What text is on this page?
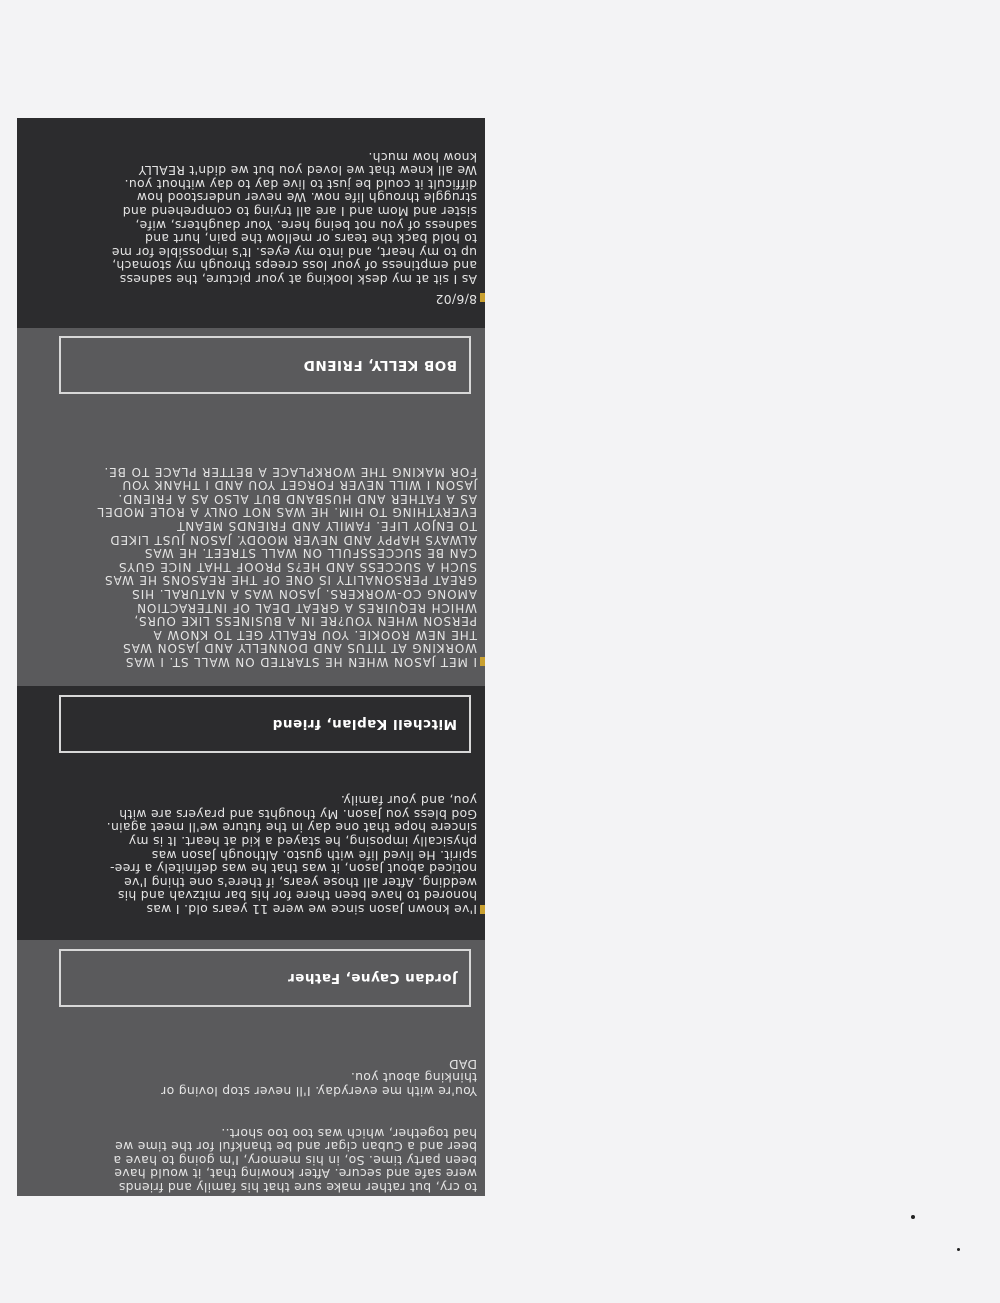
to cry, but rather make sure that his family and friends
were safe and secure. After knowing that, it would have
been party time. So, in his memory, I'm going to have a
beer and a Cuban cigar and be thankful for the time we
had together, which was too too short..
You're with me everyday. I'll never stop loving or
thinking about you.
DAD
Jordan Cayne, Father
I've known Jason since we were 11 years old. I was
honored to have been there for his bar mitzvah and his
wedding. After all those years, if there's one thing I've
noticed about Jason, it was that he was definitely a free-
spirit. He lived life with gusto. Although Jason was
physically imposing, he stayed a kid at heart. It is my
sincere hope that one day in the future we'll meet again.
God bless you Jason. My thoughts and prayers are with
you, and your family.
Mitchell Kaplan, friend
I MET JASON WHEN HE STARTED ON WALL ST. I WAS
WORKING AT TITUS AND DONNELLY AND JASON WAS
THE NEW ROOKIE. YOU REALLY GET TO KNOW A
PERSON WHEN YOU?RE IN A BUSINESS LIKE OURS,
WHICH REQUIRES A GREAT DEAL OF INTERACTION
AMONG CO-WORKERS. JASON WAS A NATURAL. HIS
GREAT PERSONALITY IS ONE OF THE REASONS HE WAS
SUCH A SUCCESS AND HE?S PROOF THAT NICE GUYS
CAN BE SUCCESSFULL ON WALL STREET. HE WAS
ALWAYS HAPPY AND NEVER MOODY. JASON JUST LIKED
TO ENJOY LIFE. FAMILY AND FRIENDS MEANT
EVERYTHING TO HIM. HE WAS NOT ONLY A ROLE MODEL
AS A FATHER AND HUSBAND BUT ALSO AS A FRIEND.
JASON I WILL NEVER FORGET YOU AND I THANK YOU
FOR MAKING THE WORKPLACE A BETTER PLACE TO BE.
BOB KELLY, FRIEND
8/6/02
As I sit at my desk looking at your picture, the sadness
and emptiness of your loss creeps through my stomach,
up to my heart, and into my eyes. It's impossible for me
to hold back the tears or mellow the pain, hurt and
sadness of you not being here. Your daughters, wife,
sister and Mom and I are all trying to comprehend and
struggle through life now. We never understood how
difficult it could be just to live day to day without you.
We all knew that we loved you but we didn't REALLY
know how much.
